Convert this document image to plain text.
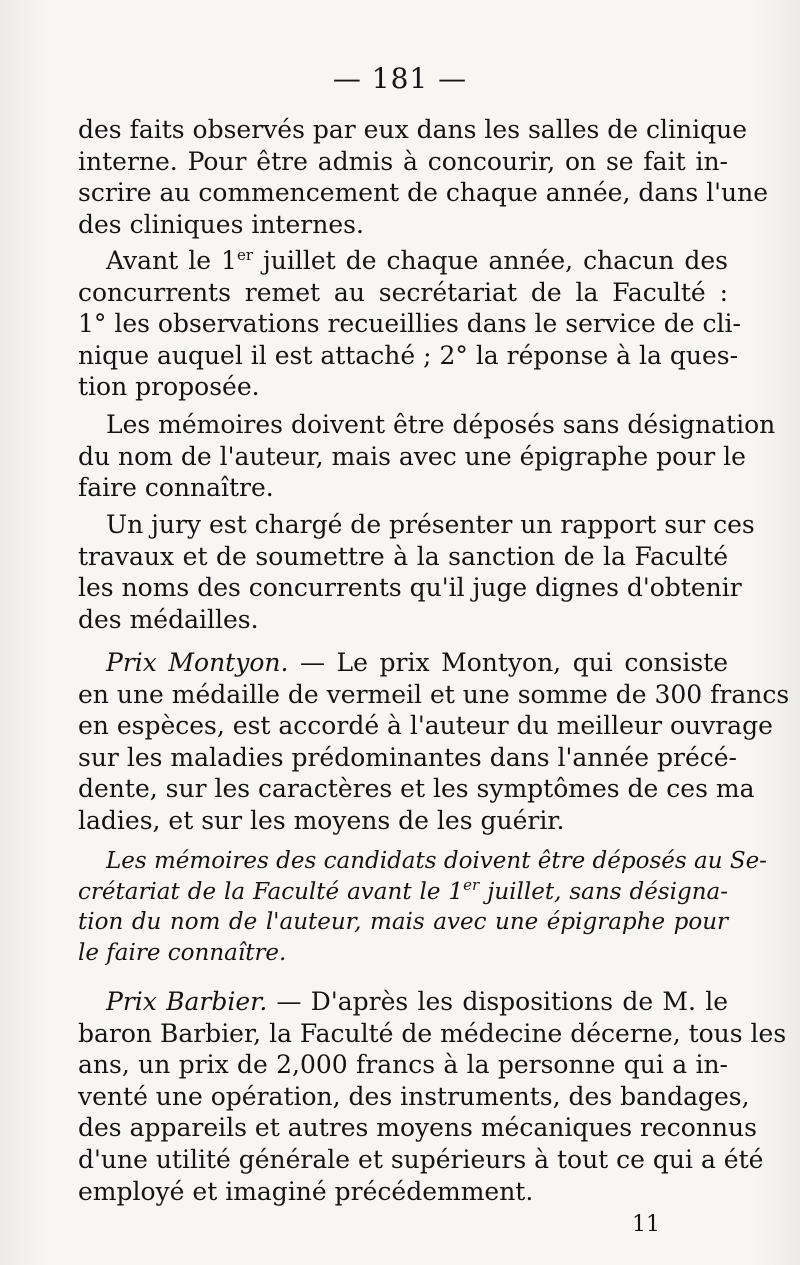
— 181 —
des faits observés par eux dans les salles de clinique
interne. Pour être admis à concourir, on se fait in-
scrire au commencement de chaque année, dans l'une
des cliniques internes.
Avant le 1er juillet de chaque année, chacun des
concurrents remet au secrétariat de la Faculté :
1° les observations recueillies dans le service de cli-
nique auquel il est attaché ; 2° la réponse à la ques-
tion proposée.
Les mémoires doivent être déposés sans désignation
du nom de l'auteur, mais avec une épigraphe pour le
faire connaître.
Un jury est chargé de présenter un rapport sur ces
travaux et de soumettre à la sanction de la Faculté
les noms des concurrents qu'il juge dignes d'obtenir
des médailles.
Prix Montyon. — Le prix Montyon, qui consiste
en une médaille de vermeil et une somme de 300 francs
en espèces, est accordé à l'auteur du meilleur ouvrage
sur les maladies prédominantes dans l'année précé-
dente, sur les caractères et les symptômes de ces ma
ladies, et sur les moyens de les guérir.
Les mémoires des candidats doivent être déposés au Se-
crétariat de la Faculté avant le 1er juillet, sans désigna-
tion du nom de l'auteur, mais avec une épigraphe pour
le faire connaître.
Prix Barbier. — D'après les dispositions de M. le
baron Barbier, la Faculté de médecine décerne, tous les
ans, un prix de 2,000 francs à la personne qui a in-
venté une opération, des instruments, des bandages,
des appareils et autres moyens mécaniques reconnus
d'une utilité générale et supérieurs à tout ce qui a été
employé et imaginé précédemment.
11
